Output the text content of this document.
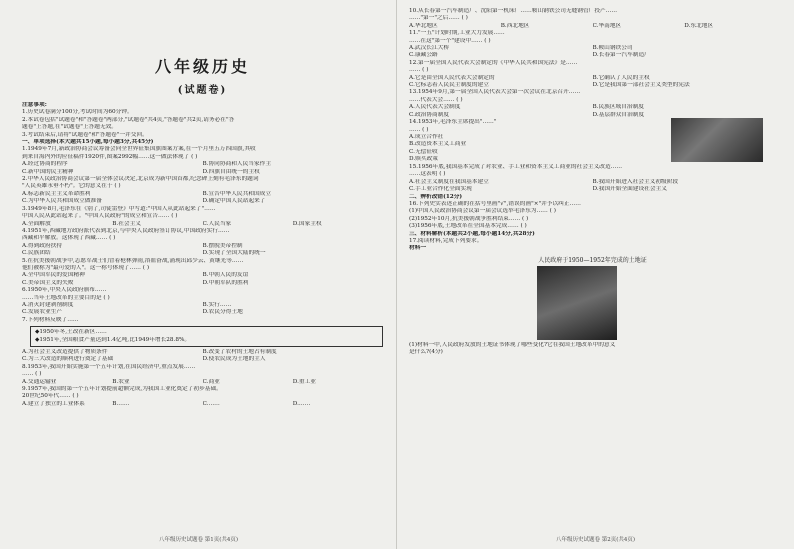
八年级历史
(试题卷)
注意事项:
1.历史试卷满分100分,考试时间为60分钟。
2.本试卷包括"试题卷"和"答题卷"两部分,"试题卷"共4页,"答题卷"共2页,请务必在"答
题卷"上答题,在"试题卷"上答题无效。
3.考试结束后,请将"试题卷"和"答题卷"一并交回。
一、单项选择(本大题共15小题,每小题3分,共45分)
1.1949年7月,新政治协商会议筹备会向全世界征集国旗图案方案,在一个月里五万四国旗,其收
到来自海内外的应征稿件1920件,图案2992幅……这一做法体现了 ( )
A.经过协商的程序	B.协同协商和人民当家作主
C.新中国的民主精神	D.四旗自由统一的主权
2.中华人民政治协商会议第一届全体会议决定,北京成为新中国首都,纪念碑上刻有毛泽东的题词
"人民英雄永垂不朽"。它的意义在于 ( )
A.标志新民主主义革命胜利	B.宣告中华人民共和国成立
C.为中华人民共和国成立做准备	D.确定中国人民站起来了
3.1949年8月,毛泽东在《别了,司徒雷登》中写道:"中国人从此站起来了"……
中国人民从此站起来了。"中国人民政府"的成立和宣告…… ( )
A.全面解放	B.社会主义	C.人民当家	D.国家主权
4.1951年,西藏地方政府派代表到北京,与中央人民政府签订协议,中国政府实行……
西藏和平解放。这体现了西藏…… ( )
A.得到政府扶持	B.摆脱美帝控制
C.民族团结	D.实现了全国大陆的统一
5.在抗美援朝战争中,志愿军战士们冒着枪林弹雨,浴血奋战,涌现出邱少云、黄继光等……
他们被称为"最可爱的人"。这一称号体现了…… ( )
A.全中国军民的爱国精神	B.中朝人民的友谊
C.美帝国主义的失败	D.中朝军队的胜利
6.1950年,中央人民政府颁布……
……当年土地改革的主要目的是 ( )
A.消灭封建剥削制度	B.实行……
C.发展农业生产	D.农民分得土地
7.下列材料反映了……
◆1950年冬,土改在新区……
◆1951年,全国粮食产量达到1.4亿吨,比1949年增长28.8%。
A.为社会主义改造提供了物质条件	B.改变了农村的土地占有制度
C.为三大改造的顺利进行奠定了基础	D.使农民成为土地的主人
8.1953年,我国开始实施第一个五年计划,在国民经济中,重点发展……
…… ( )
A.交通运输业	B.农业	C.商业	D.重工业
9.1957年,我国的第一个五年计划提前超额完成,为我国工业化奠定了初步基础。
20世纪50年代…… ( )
A.建立了独立的工业体系	B.……	C.……	D.……
八年级历史试题卷 第1页(共4页)
10.从长春第一汽车制造厂、沈阳第一机床厂……鞍山钢铁公司无缝钢管厂投产……
……"第一"之后…… ( )
A.华北地区	B.西北地区	C.华南地区	D.东北地区
11."一五"计划时期,工业大力发展……
……在这"第一个"建设中…… ( )
A.武汉长江大桥	B.鞍山钢铁公司
C.康藏公路	D.长春第一汽车制造厂
12.第一届全国人民代表大会制定的《中华人民共和国宪法》是……
…… ( )
A.它是由全国人民代表大会制定的	B.它确认了人民的主权
C.它标志着人民民主制度的建立	D.它是我国第一部社会主义类型的宪法
13.1954年9月,第一届全国人民代表大会第一次会议在北京召开……
……代表大会…… ( )
A.人民代表大会制度	B.民族区域自治制度
C.政治协商制度	D.基层群众自治制度
14.1953年,毛泽东主席提出"……"
…… ( )
A.成立合作社
B.改造资本主义工商业
C.无偿征收
D.赎买政策
15.1956年底,我国基本完成了对农业、手工业和资本主义工商业的社会主义改造……
……这表明 ( )
A.社会主义制度在我国基本建立	B.我国开始进入社会主义初级阶段
C.手工业合作化全面实现	D.我国开始全面建设社会主义
二、辨析改错(12分)
16.下列史实表述正确的在括号里画"√",错误的画"×"并予以纠正……
(1)中国人民政治协商会议第一届会议选举毛泽东为…… ( )
(2)1952年10月,抗美援朝战争胜利结束…… ( )
(3)1956年底,土地改革在全国基本完成…… ( )
三、材料解析(本题共2小题,每小题14分,共28分)
17.阅读材料,完成下列要求。
材料一
人民政府于1950—1952年完成的土地证
(1)材料一中,人民政府发放的土地证书体现了哪些变化?它在我国土地改革中的意义
是什么?(4分)
八年级历史试题卷 第2页(共4页)
